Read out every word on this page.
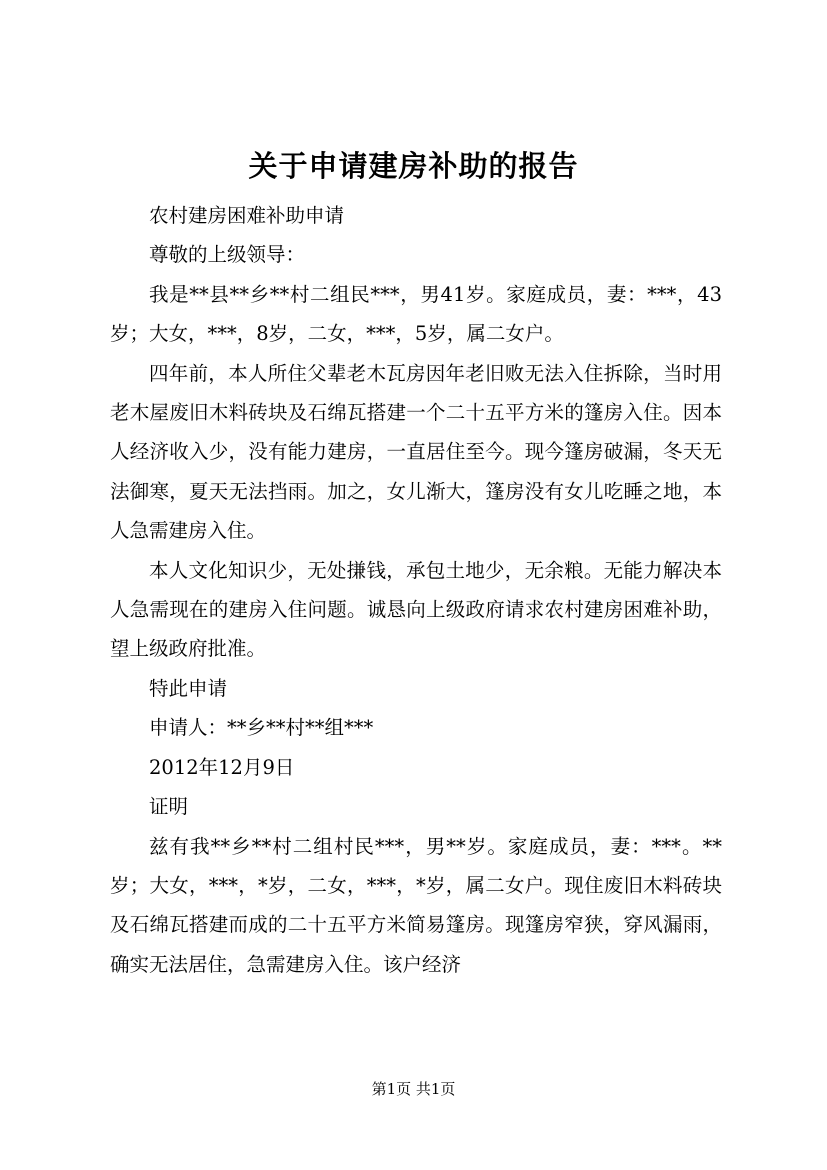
关于申请建房补助的报告

农村建房困难补助申请

尊敬的上级领导：

我是**县**乡**村二组民***，男41岁。家庭成员，妻：***，43岁；大女，***，8岁，二女，***，5岁，属二女户。

四年前，本人所住父辈老木瓦房因年老旧败无法入住拆除，当时用老木屋废旧木料砖块及石绵瓦搭建一个二十五平方米的篷房入住。因本人经济收入少，没有能力建房，一直居住至今。现今篷房破漏，冬天无法御寒，夏天无法挡雨。加之，女儿渐大，篷房没有女儿吃睡之地，本人急需建房入住。

本人文化知识少，无处搛钱，承包土地少，无余粮。无能力解决本人急需现在的建房入住问题。诚恳向上级政府请求农村建房困难补助，望上级政府批准。

特此申请

申请人：**乡**村**组***

2012年12月9日

证明

兹有我**乡**村二组村民***，男**岁。家庭成员，妻：***。**岁；大女，***，*岁，二女，***，*岁，属二女户。现住废旧木料砖块及石绵瓦搭建而成的二十五平方米简易篷房。现篷房窄狭，穿风漏雨，确实无法居住，急需建房入住。该户经济

第1页 共1页
